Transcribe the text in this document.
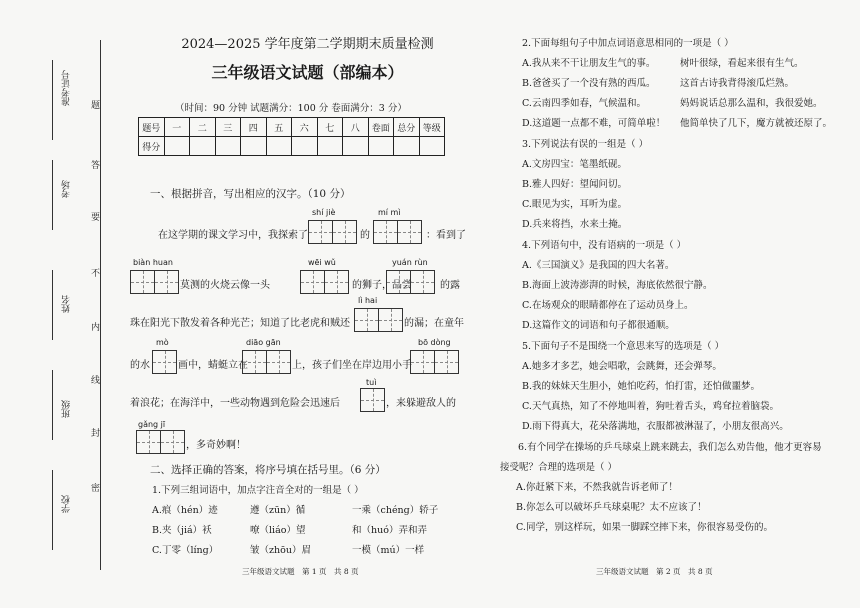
准考证号
考场
姓名
班级
学校
题
答
要
不
内
线
封
密
2024—2025 学年度第二学期期末质量检测
三年级语文试题（部编本）
（时间：90 分钟 试题满分：100 分 卷面满分：3 分）
题号	一	二	三	四	五	六	七	八	卷面	总分	等级
得分											
一、根据拼音，写出相应的汉字。（10 分）
shí jiè	mí mì
在这学期的课文学习中，我探索了	的	：看到了
biàn huan	wēi wǔ	yuán rùn
莫测的火烧云像一头	的狮子，品尝	的露
lì hai
珠在阳光下散发着各种光芒；知道了比老虎和贼还	的漏；在童年
mò	diāo gān	bō dòng
的水	画中，蜻蜓立在	上，孩子们坐在岸边用小手
tuì
着浪花；在海洋中，一些动物遇到危险会迅速后	，来躲避敌人的
gǎng jī
，多奇妙啊！
二、选择正确的答案，将序号填在括号里。（6 分）
1.下列三组词语中，加点字注音全对的一组是（ ）
A.痕（hén）迹	遵（zūn）循	一乘（chéng）轿子
B.夹（jiá）袄	嘹（liáo）望	和（huó）弄和弄
C.丁零（líng）	皱（zhōu）眉	一模（mú）一样
三年级语文试题　第 1 页　共 8 页
2.下面每组句子中加点词语意思相同的一项是（ ）
A.我从来不干让朋友生气的事。	树叶很绿，看起来很有生气。
B.爸爸买了一个没有熟的西瓜。	这首古诗我背得滚瓜烂熟。
C.云南四季如春，气候温和。	妈妈说话总那么温和，我很爱她。
D.这道题一点都不难，可简单啦！ 他简单快了几下，魔方就被还原了。
3.下列说法有误的一组是（ ）
A.文房四宝：笔墨纸砚。
B.雅人四好：望闻问切。
C.眼见为实，耳听为虚。
D.兵来将挡，水来土掩。
4.下列语句中，没有语病的一项是（ ）
A.《三国演义》是我国的四大名著。
B.海面上波涛澎湃的时候，海底依然很宁静。
C.在场观众的眼睛都停在了运动员身上。
D.这篇作文的词语和句子都很通顺。
5.下面句子不是围绕一个意思来写的选项是（ ）
A.她多才多艺，她会唱歌，会跳舞，还会弹琴。
B.我的妹妹天生胆小，她怕吃药，怕打雷，还怕做噩梦。
C.天气真热，知了不停地叫着，狗吐着舌头，鸡耷拉着脑袋。
D.雨下得真大，花朵落满地，衣服都被淋湿了，小朋友很高兴。
6.有个同学在操场的乒乓球桌上跳来跳去，我们怎么劝告他，他才更容易
接受呢？合理的选项是（ ）
A.你赶紧下来，不然我就告诉老师了！
B.你怎么可以破坏乒乓球桌呢？太不应该了！
C.同学，别这样玩，如果一脚踩空摔下来，你很容易受伤的。
三年级语文试题　第 2 页　共 8 页
